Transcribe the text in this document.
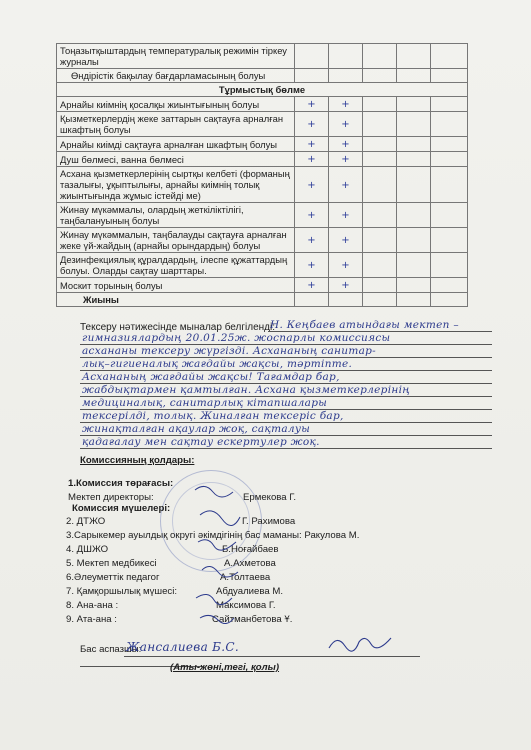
Тоңазытқыштардың температуралық режимін тіркеу журналы					
Өндірістік бақылау бағдарламасының болуы					
Тұрмыстық бөлме					
Арнайы киімнің қосалқы жиынтығының болуы	+	+			
Қызметкерлердің жеке заттарын сақтауға арналған шкафтың болуы	+	+			
Арнайы киімді сақтауға арналған шкафтың болуы	+	+			
Душ бөлмесі, ванна бөлмесі	+	+			
Асхана қызметкерлерінің сыртқы келбеті (форманың тазалығы, ұқыптылығы, арнайы киімнің толық жиынтығында жұмыс істейді ме)	+	+			
Жинау мүкәммалы, олардың жеткіліктілігі, таңбалануының болуы	+	+			
Жинау мүкәммалын, таңбалауды сақтауға арналған жеке үй-жайдың (арнайы орындардың) болуы	+	+			
Дезинфекциялық құралдардың, ілеспе құжаттардың болуы. Оларды сақтау шарттары.	+	+			
Москит торының болуы	+	+			
Жиыны					
Тексеру нәтижесінде мыналар белгіленді:
Н. Кеңбаев атындағы мектеп –
гимназиялардың 20.01.25ж. жоспарлы комиссиясы
асхананы тексеру жүргізді. Асхананың санитар-
лық–гигиеналық жағдайы жақсы, тәртіпте.
Асхананың жағдайы жақсы! Тағамдар бар,
жабдықтармен қамтылған. Асхана қызметкерлерінің
медициналық, санитарлық кітапшалары
тексерілді, толық. Жиналған тексеріс бар,
жинақталған ақаулар жоқ, сақталуы
қадағалау мен сақтау ескертулер жоқ.
Комиссияның қолдары:
1.Комиссия төрағасы:
Мектеп директоры:	Ермекова Г.
Комиссия мүшелері:
2. ДТЖО	Г. Рахимова
3.Сарыкемер ауылдық округі әкімдігінің бас маманы: Ракулова М.
4. ДШЖО	Б.Ноғайбаев
5. Мектеп медбикесі	А.Ахметова
6.Әлеуметтік педагог	А.Толтаева
7. Қамқоршылық мүшесі:	Абдуалиева М.
8. Ана-ана :	Максимова Г.
9. Ата-ана :	Сайтманбетова Ұ.
Бас аспазшы:
Жансалиева Б.С.
(Аты-жөні,тегі, қолы)
